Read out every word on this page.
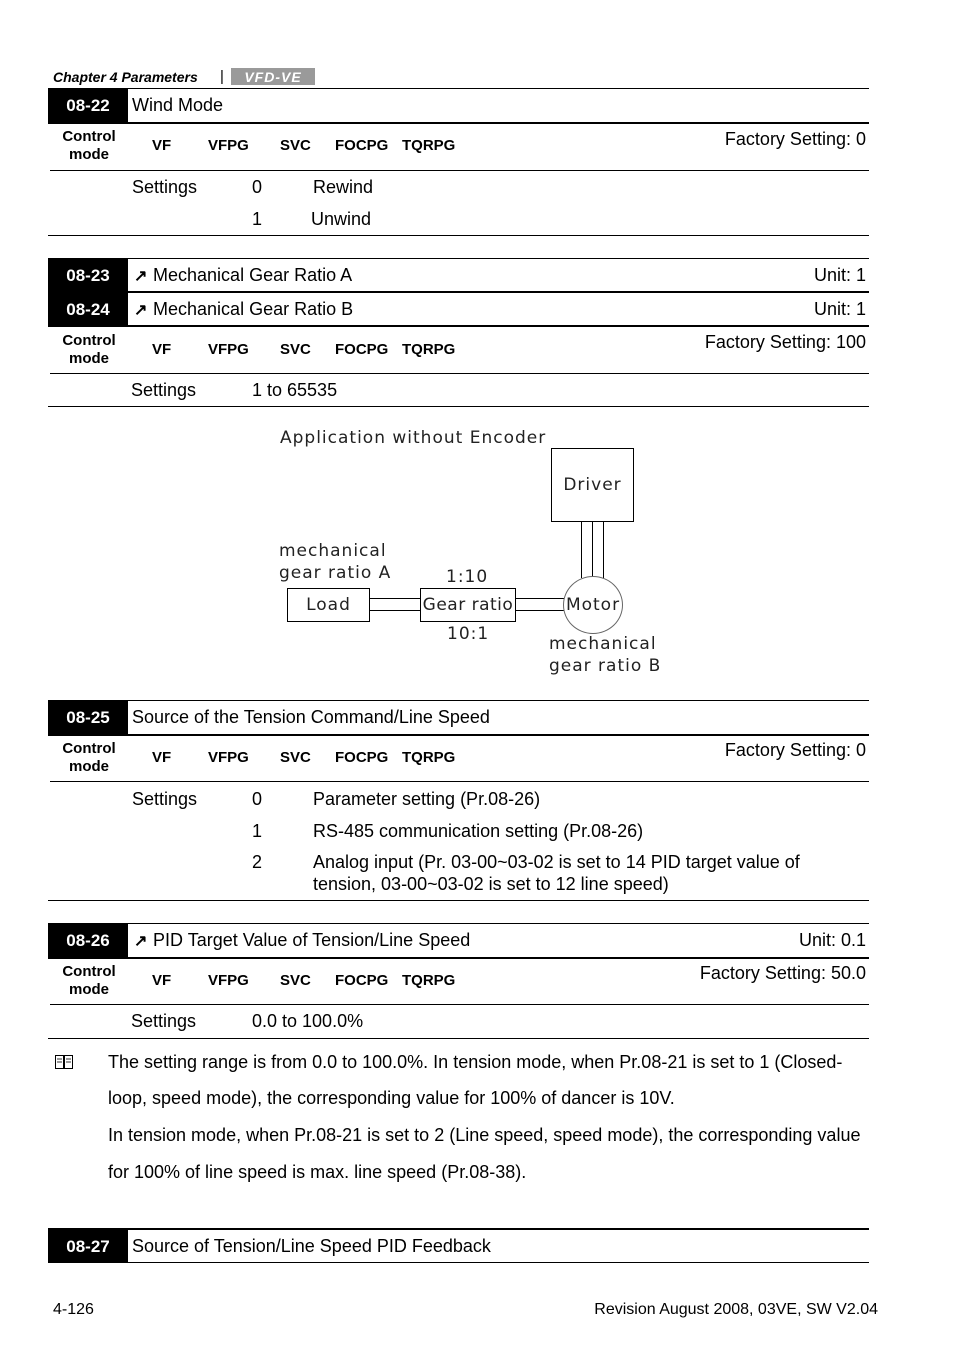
Chapter 4 Parameters | VFD-VE
08-22	Wind Mode
Control
mode
VF VFPG SVC FOCPG TQRPG	Factory Setting: 0
Settings	0	Rewind
1	Unwind
08-23	↗ Mechanical Gear Ratio A	Unit: 1
08-24	↗ Mechanical Gear Ratio B	Unit: 1
Control
mode
VF VFPG SVC FOCPG TQRPG	Factory Setting: 100
Settings	1 to 65535
Application without Encoder
Driver
mechanical
gear ratio A	1:10
Load	Gear ratio	Motor
10:1	mechanical
gear ratio B
08-25	Source of the Tension Command/Line Speed
Control
mode
VF VFPG SVC FOCPG TQRPG	Factory Setting: 0
Settings	0	Parameter setting (Pr.08-26)
1	RS-485 communication setting (Pr.08-26)
2	Analog input (Pr. 03-00~03-02 is set to 14 PID target value of
tension, 03-00~03-02 is set to 12 line speed)
08-26	↗ PID Target Value of Tension/Line Speed	Unit: 0.1
Control
mode
VF VFPG SVC FOCPG TQRPG	Factory Setting: 50.0
Settings	0.0 to 100.0%
The setting range is from 0.0 to 100.0%. In tension mode, when Pr.08-21 is set to 1 (Closed-
loop, speed mode), the corresponding value for 100% of dancer is 10V.
In tension mode, when Pr.08-21 is set to 2 (Line speed, speed mode), the corresponding value
for 100% of line speed is max. line speed (Pr.08-38).
08-27	Source of Tension/Line Speed PID Feedback
4-126	Revision August 2008, 03VE, SW V2.04
